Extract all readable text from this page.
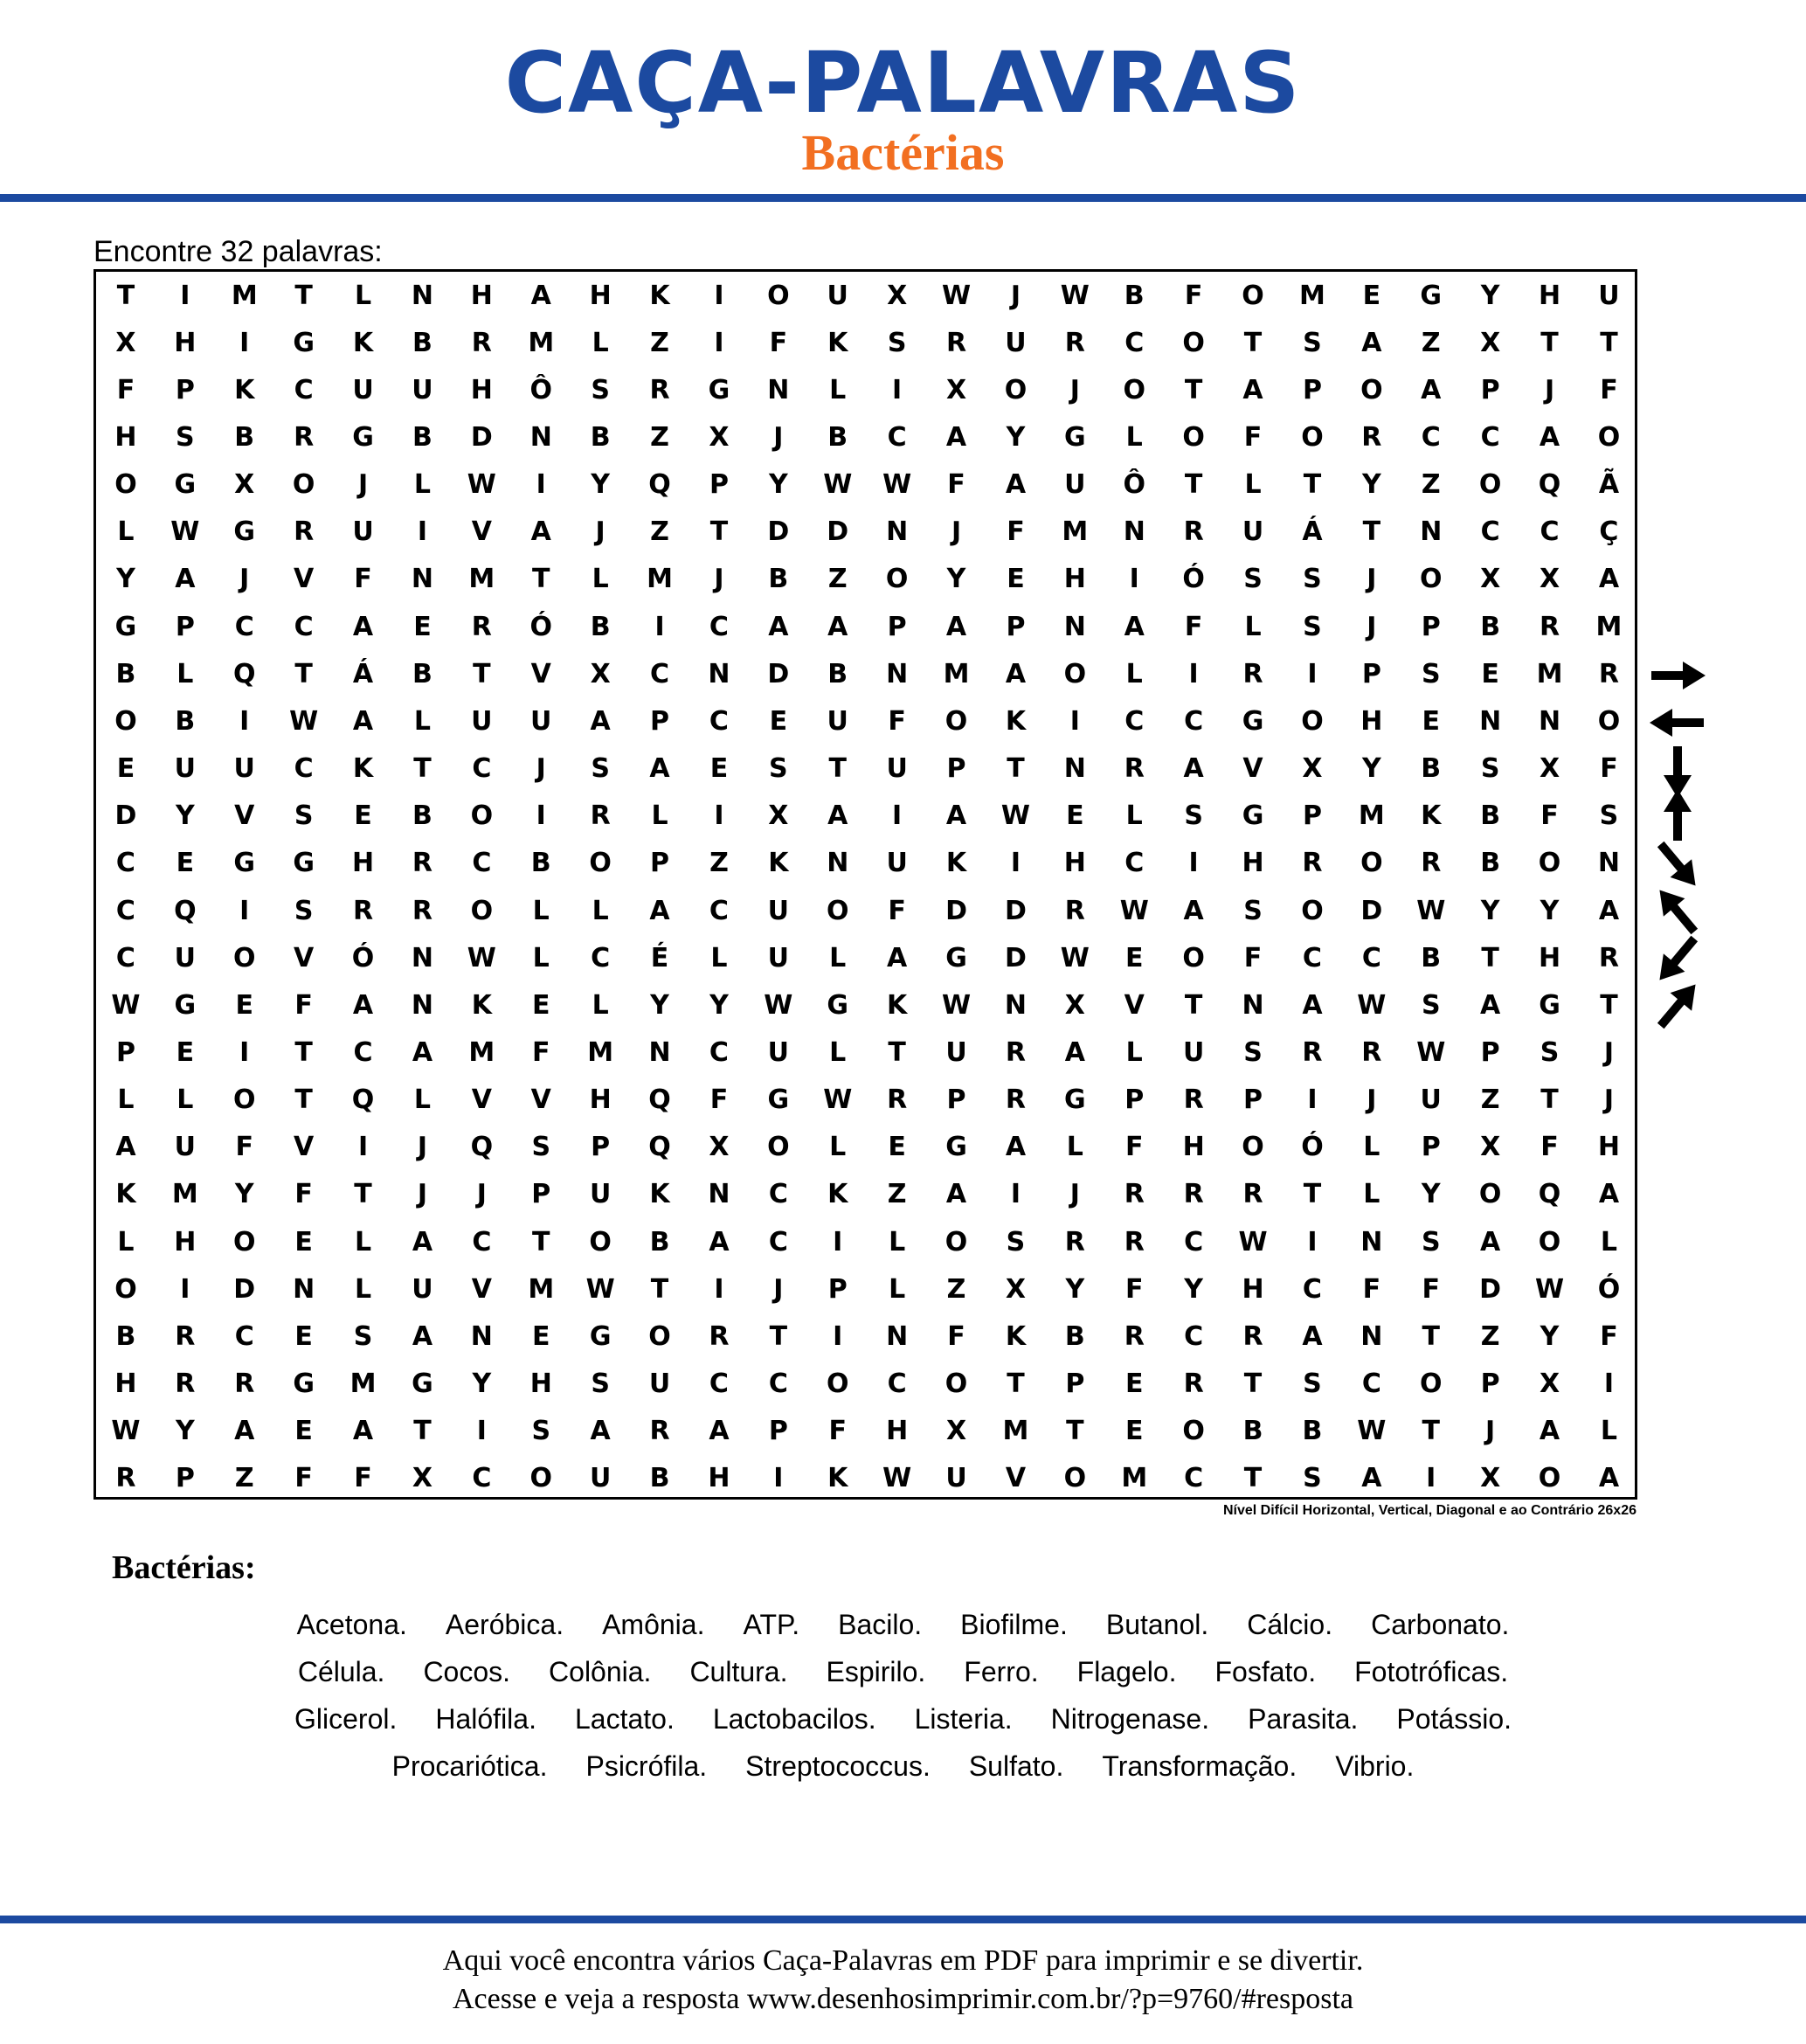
CAÇA-PALAVRAS
Bactérias
Encontre 32 palavras:
T	I	M	T	L	N	H	A	H	K	I	O	U	X	W	J	W	B	F	O	M	E	G	Y	H	U
X	H	I	G	K	B	R	M	L	Z	I	F	K	S	R	U	R	C	O	T	S	A	Z	X	T	T
F	P	K	C	U	U	H	Ô	S	R	G	N	L	I	X	O	J	O	T	A	P	O	A	P	J	F
H	S	B	R	G	B	D	N	B	Z	X	J	B	C	A	Y	G	L	O	F	O	R	C	C	A	O
O	G	X	O	J	L	W	I	Y	Q	P	Y	W	W	F	A	U	Ô	T	L	T	Y	Z	O	Q	Ã
L	W	G	R	U	I	V	A	J	Z	T	D	D	N	J	F	M	N	R	U	Á	T	N	C	C	Ç
Y	A	J	V	F	N	M	T	L	M	J	B	Z	O	Y	E	H	I	Ó	S	S	J	O	X	X	A
G	P	C	C	A	E	R	Ó	B	I	C	A	A	P	A	P	N	A	F	L	S	J	P	B	R	M
B	L	Q	T	Á	B	T	V	X	C	N	D	B	N	M	A	O	L	I	R	I	P	S	E	M	R
O	B	I	W	A	L	U	U	A	P	C	E	U	F	O	K	I	C	C	G	O	H	E	N	N	O
E	U	U	C	K	T	C	J	S	A	E	S	T	U	P	T	N	R	A	V	X	Y	B	S	X	F
D	Y	V	S	E	B	O	I	R	L	I	X	A	I	A	W	E	L	S	G	P	M	K	B	F	S
C	E	G	G	H	R	C	B	O	P	Z	K	N	U	K	I	H	C	I	H	R	O	R	B	O	N
C	Q	I	S	R	R	O	L	L	A	C	U	O	F	D	D	R	W	A	S	O	D	W	Y	Y	A
C	U	O	V	Ó	N	W	L	C	É	L	U	L	A	G	D	W	E	O	F	C	C	B	T	H	R
W	G	E	F	A	N	K	E	L	Y	Y	W	G	K	W	N	X	V	T	N	A	W	S	A	G	T
P	E	I	T	C	A	M	F	M	N	C	U	L	T	U	R	A	L	U	S	R	R	W	P	S	J
L	L	O	T	Q	L	V	V	H	Q	F	G	W	R	P	R	G	P	R	P	I	J	U	Z	T	J
A	U	F	V	I	J	Q	S	P	Q	X	O	L	E	G	A	L	F	H	O	Ó	L	P	X	F	H
K	M	Y	F	T	J	J	P	U	K	N	C	K	Z	A	I	J	R	R	R	T	L	Y	O	Q	A
L	H	O	E	L	A	C	T	O	B	A	C	I	L	O	S	R	R	C	W	I	N	S	A	O	L
O	I	D	N	L	U	V	M	W	T	I	J	P	L	Z	X	Y	F	Y	H	C	F	F	D	W	Ó
B	R	C	E	S	A	N	E	G	O	R	T	I	N	F	K	B	R	C	R	A	N	T	Z	Y	F
H	R	R	G	M	G	Y	H	S	U	C	C	O	C	O	T	P	E	R	T	S	C	O	P	X	I
W	Y	A	E	A	T	I	S	A	R	A	P	F	H	X	M	T	E	O	B	B	W	T	J	A	L
R	P	Z	F	F	X	C	O	U	B	H	I	K	W	U	V	O	M	C	T	S	A	I	X	O	A
Nível Difícil Horizontal, Vertical, Diagonal e ao Contrário 26x26
Bactérias:
Acetona. Aeróbica. Amônia. ATP. Bacilo. Biofilme. Butanol. Cálcio. Carbonato.
Célula. Cocos. Colônia. Cultura. Espirilo. Ferro. Flagelo. Fosfato. Fototróficas.
Glicerol. Halófila. Lactato. Lactobacilos. Listeria. Nitrogenase. Parasita. Potássio.
Procariótica. Psicrófila. Streptococcus. Sulfato. Transformação. Vibrio.
Aqui você encontra vários Caça-Palavras em PDF para imprimir e se divertir.
Acesse e veja a resposta www.desenhosimprimir.com.br/?p=9760/#resposta
